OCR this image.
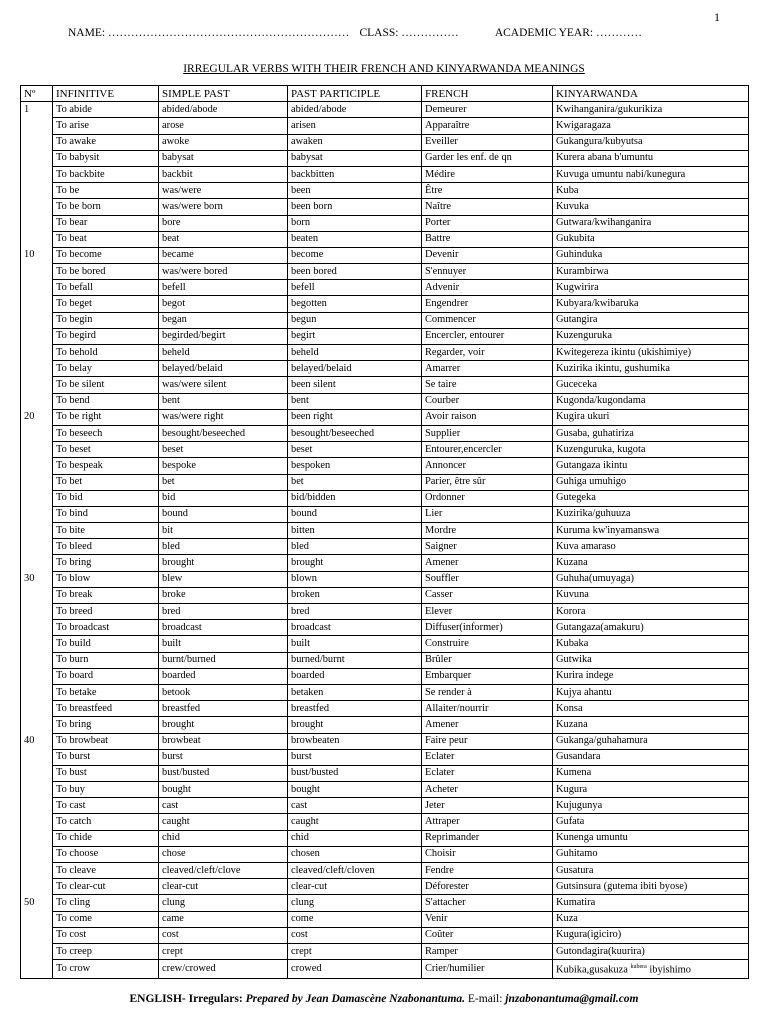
1
NAME: ……………………………………………………… CLASS: ……………	ACADEMIC YEAR: …………
IRREGULAR VERBS WITH THEIR FRENCH AND KINYARWANDA MEANINGS
Nº	INFINITIVE	SIMPLE PAST	PAST PARTICIPLE	FRENCH	KINYARWANDA
1	To abide	abided/abode	abided/abode	Demeurer	Kwihanganira/gukurikiza
	To arise	arose	arisen	Apparaître	Kwigaragaza
	To awake	awoke	awaken	Eveiller	Gukangura/kubyutsa
	To babysit	babysat	babysat	Garder les enf. de qn	Kurera abana b'umuntu
	To backbite	backbit	backbitten	Médire	Kuvuga umuntu nabi/kunegura
	To be	was/were	been	Être	Kuba
	To be born	was/were born	been born	Naître	Kuvuka
	To bear	bore	born	Porter	Gutwara/kwihanganira
	To beat	beat	beaten	Battre	Gukubita
10	To become	became	become	Devenir	Guhinduka
	To be bored	was/were bored	been bored	S'ennuyer	Kurambirwa
	To befall	befell	befell	Advenir	Kugwirira
	To beget	begot	begotten	Engendrer	Kubyara/kwibaruka
	To begin	began	begun	Commencer	Gutangira
	To begird	begirded/begirt	begirt	Encercler, entourer	Kuzenguruka
	To behold	beheld	beheld	Regarder, voir	Kwitegereza ikintu (ukishimiye)
	To belay	belayed/belaid	belayed/belaid	Amarrer	Kuzirika ikintu, gushumika
	To be silent	was/were silent	been silent	Se taire	Guceceka
	To bend	bent	bent	Courber	Kugonda/kugondama
20	To be right	was/were right	been right	Avoir raison	Kugira ukuri
	To beseech	besought/beseeched	besought/beseeched	Supplier	Gusaba, guhatiriza
	To beset	beset	beset	Entourer,encercler	Kuzenguruka, kugota
	To bespeak	bespoke	bespoken	Annoncer	Gutangaza ikintu
	To bet	bet	bet	Parier, être sûr	Guhiga umuhigo
	To bid	bid	bid/bidden	Ordonner	Gutegeka
	To bind	bound	bound	Lier	Kuzirika/guhuuza
	To bite	bit	bitten	Mordre	Kuruma kw'inyamanswa
	To bleed	bled	bled	Saigner	Kuva amaraso
	To bring	brought	brought	Amener	Kuzana
30	To blow	blew	blown	Souffler	Guhuha(umuyaga)
	To break	broke	broken	Casser	Kuvuna
	To breed	bred	bred	Elever	Korora
	To broadcast	broadcast	broadcast	Diffuser(informer)	Gutangaza(amakuru)
	To build	built	built	Construire	Kubaka
	To burn	burnt/burned	burned/burnt	Brûler	Gutwika
	To board	boarded	boarded	Embarquer	Kurira indege
	To betake	betook	betaken	Se render à	Kujya ahantu
	To breastfeed	breastfed	breastfed	Allaiter/nourrir	Konsa
	To bring	brought	brought	Amener	Kuzana
40	To browbeat	browbeat	browbeaten	Faire peur	Gukanga/guhahamura
	To burst	burst	burst	Eclater	Gusandara
	To bust	bust/busted	bust/busted	Eclater	Kumena
	To buy	bought	bought	Acheter	Kugura
	To cast	cast	cast	Jeter	Kujugunya
	To catch	caught	caught	Attraper	Gufata
	To chide	chid	chid	Reprimander	Kunenga umuntu
	To choose	chose	chosen	Choisir	Guhitamo
	To cleave	cleaved/cleft/clove	cleaved/cleft/cloven	Fendre	Gusatura
	To clear-cut	clear-cut	clear-cut	Déforester	Gutsinsura (gutema ibiti byose)
50	To cling	clung	clung	S'attacher	Kumatira
	To come	came	come	Venir	Kuza
	To cost	cost	cost	Coûter	Kugura(igiciro)
	To creep	crept	crept	Ramper	Gutondagira(kuurira)
	To crow	crew/crowed	crowed	Crier/humilier	Kubika,gusakuza $^{kubera}$ ibyishimo
ENGLISH- Irregulars: Prepared by Jean Damascène Nzabonantuma. E-mail: jnzabonantuma@gmail.com
